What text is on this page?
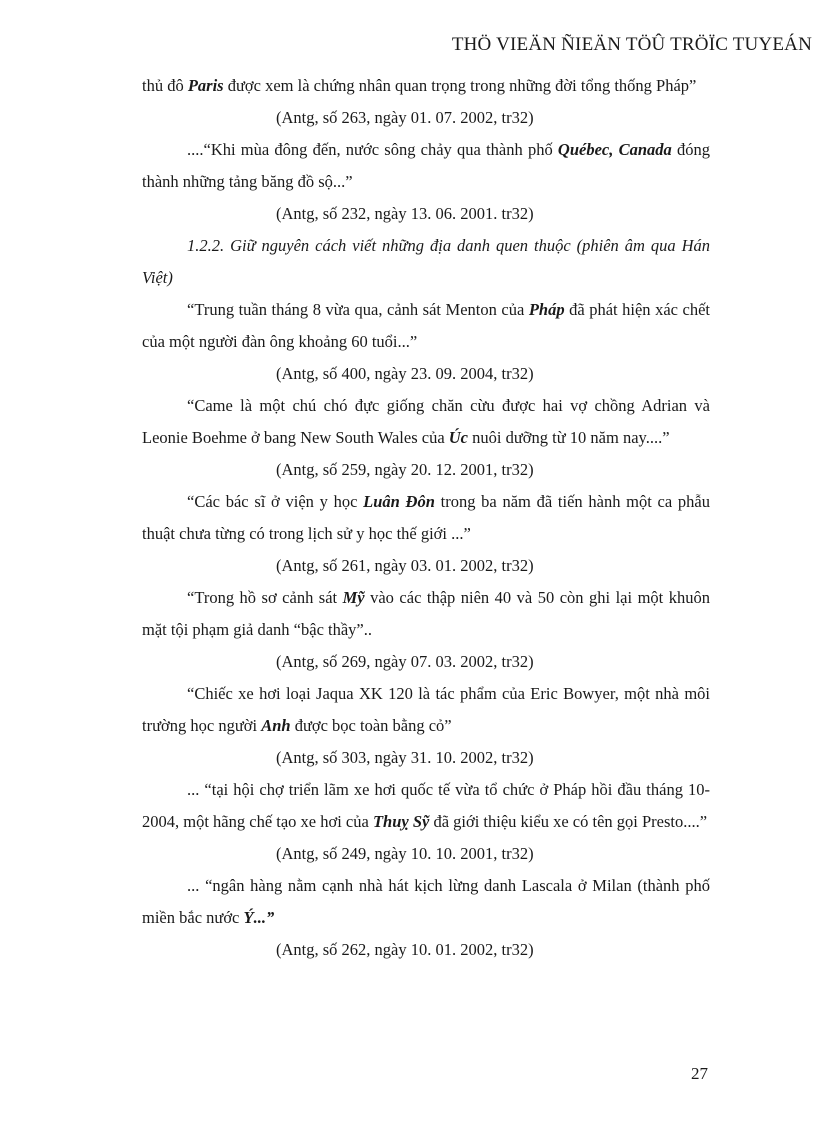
THÖ VIEÄN ÑIEÄN TÖÛ TRÖÏC TUYEÁN

thủ đô Paris được xem là chứng nhân quan trọng trong những đời tổng thống Pháp”

(Antg, số 263, ngày 01. 07. 2002, tr32)

....“Khi mùa đông đến, nước sông chảy qua thành phố Québec, Canada đóng thành những tảng băng đồ sộ...”

(Antg, số 232, ngày 13. 06. 2001. tr32)

1.2.2. Giữ nguyên cách viết những địa danh quen thuộc (phiên âm qua Hán Việt)

“Trung tuần tháng 8 vừa qua, cảnh sát Menton của Pháp đã phát hiện xác chết của một người đàn ông khoảng 60 tuổi...”

(Antg, số 400, ngày 23. 09. 2004, tr32)

“Came là một chú chó đực giống chăn cừu được hai vợ chồng Adrian và Leonie Boehme ở bang New South Wales của Úc nuôi dưỡng từ 10 năm nay....”

(Antg, số 259, ngày 20. 12. 2001, tr32)

“Các bác sĩ ở viện y học Luân Đôn trong ba năm đã tiến hành một ca phẫu thuật chưa từng có trong lịch sử y học thế giới ...”

(Antg, số 261, ngày 03. 01. 2002, tr32)

“Trong hồ sơ cảnh sát Mỹ vào các thập niên 40 và 50 còn ghi lại một khuôn mặt tội phạm giả danh “bậc thầy”..

(Antg, số 269, ngày 07. 03. 2002, tr32)

“Chiếc xe hơi loại Jaqua XK 120 là tác phẩm của Eric Bowyer, một nhà môi trường học người Anh được bọc toàn bằng cỏ”

(Antg, số 303, ngày 31. 10. 2002, tr32)

... “tại hội chợ triển lãm xe hơi quốc tế vừa tổ chức ở Pháp hồi đầu tháng 10- 2004, một hãng chế tạo xe hơi của Thuỵ Sỹ đã giới thiệu kiểu xe có tên gọi Presto....”

(Antg, số 249, ngày 10. 10. 2001, tr32)

... “ngân hàng nằm cạnh nhà hát kịch lừng danh Lascala ở Milan (thành phố miền bắc nước Ý...”

(Antg, số 262, ngày 10. 01. 2002, tr32)

27
